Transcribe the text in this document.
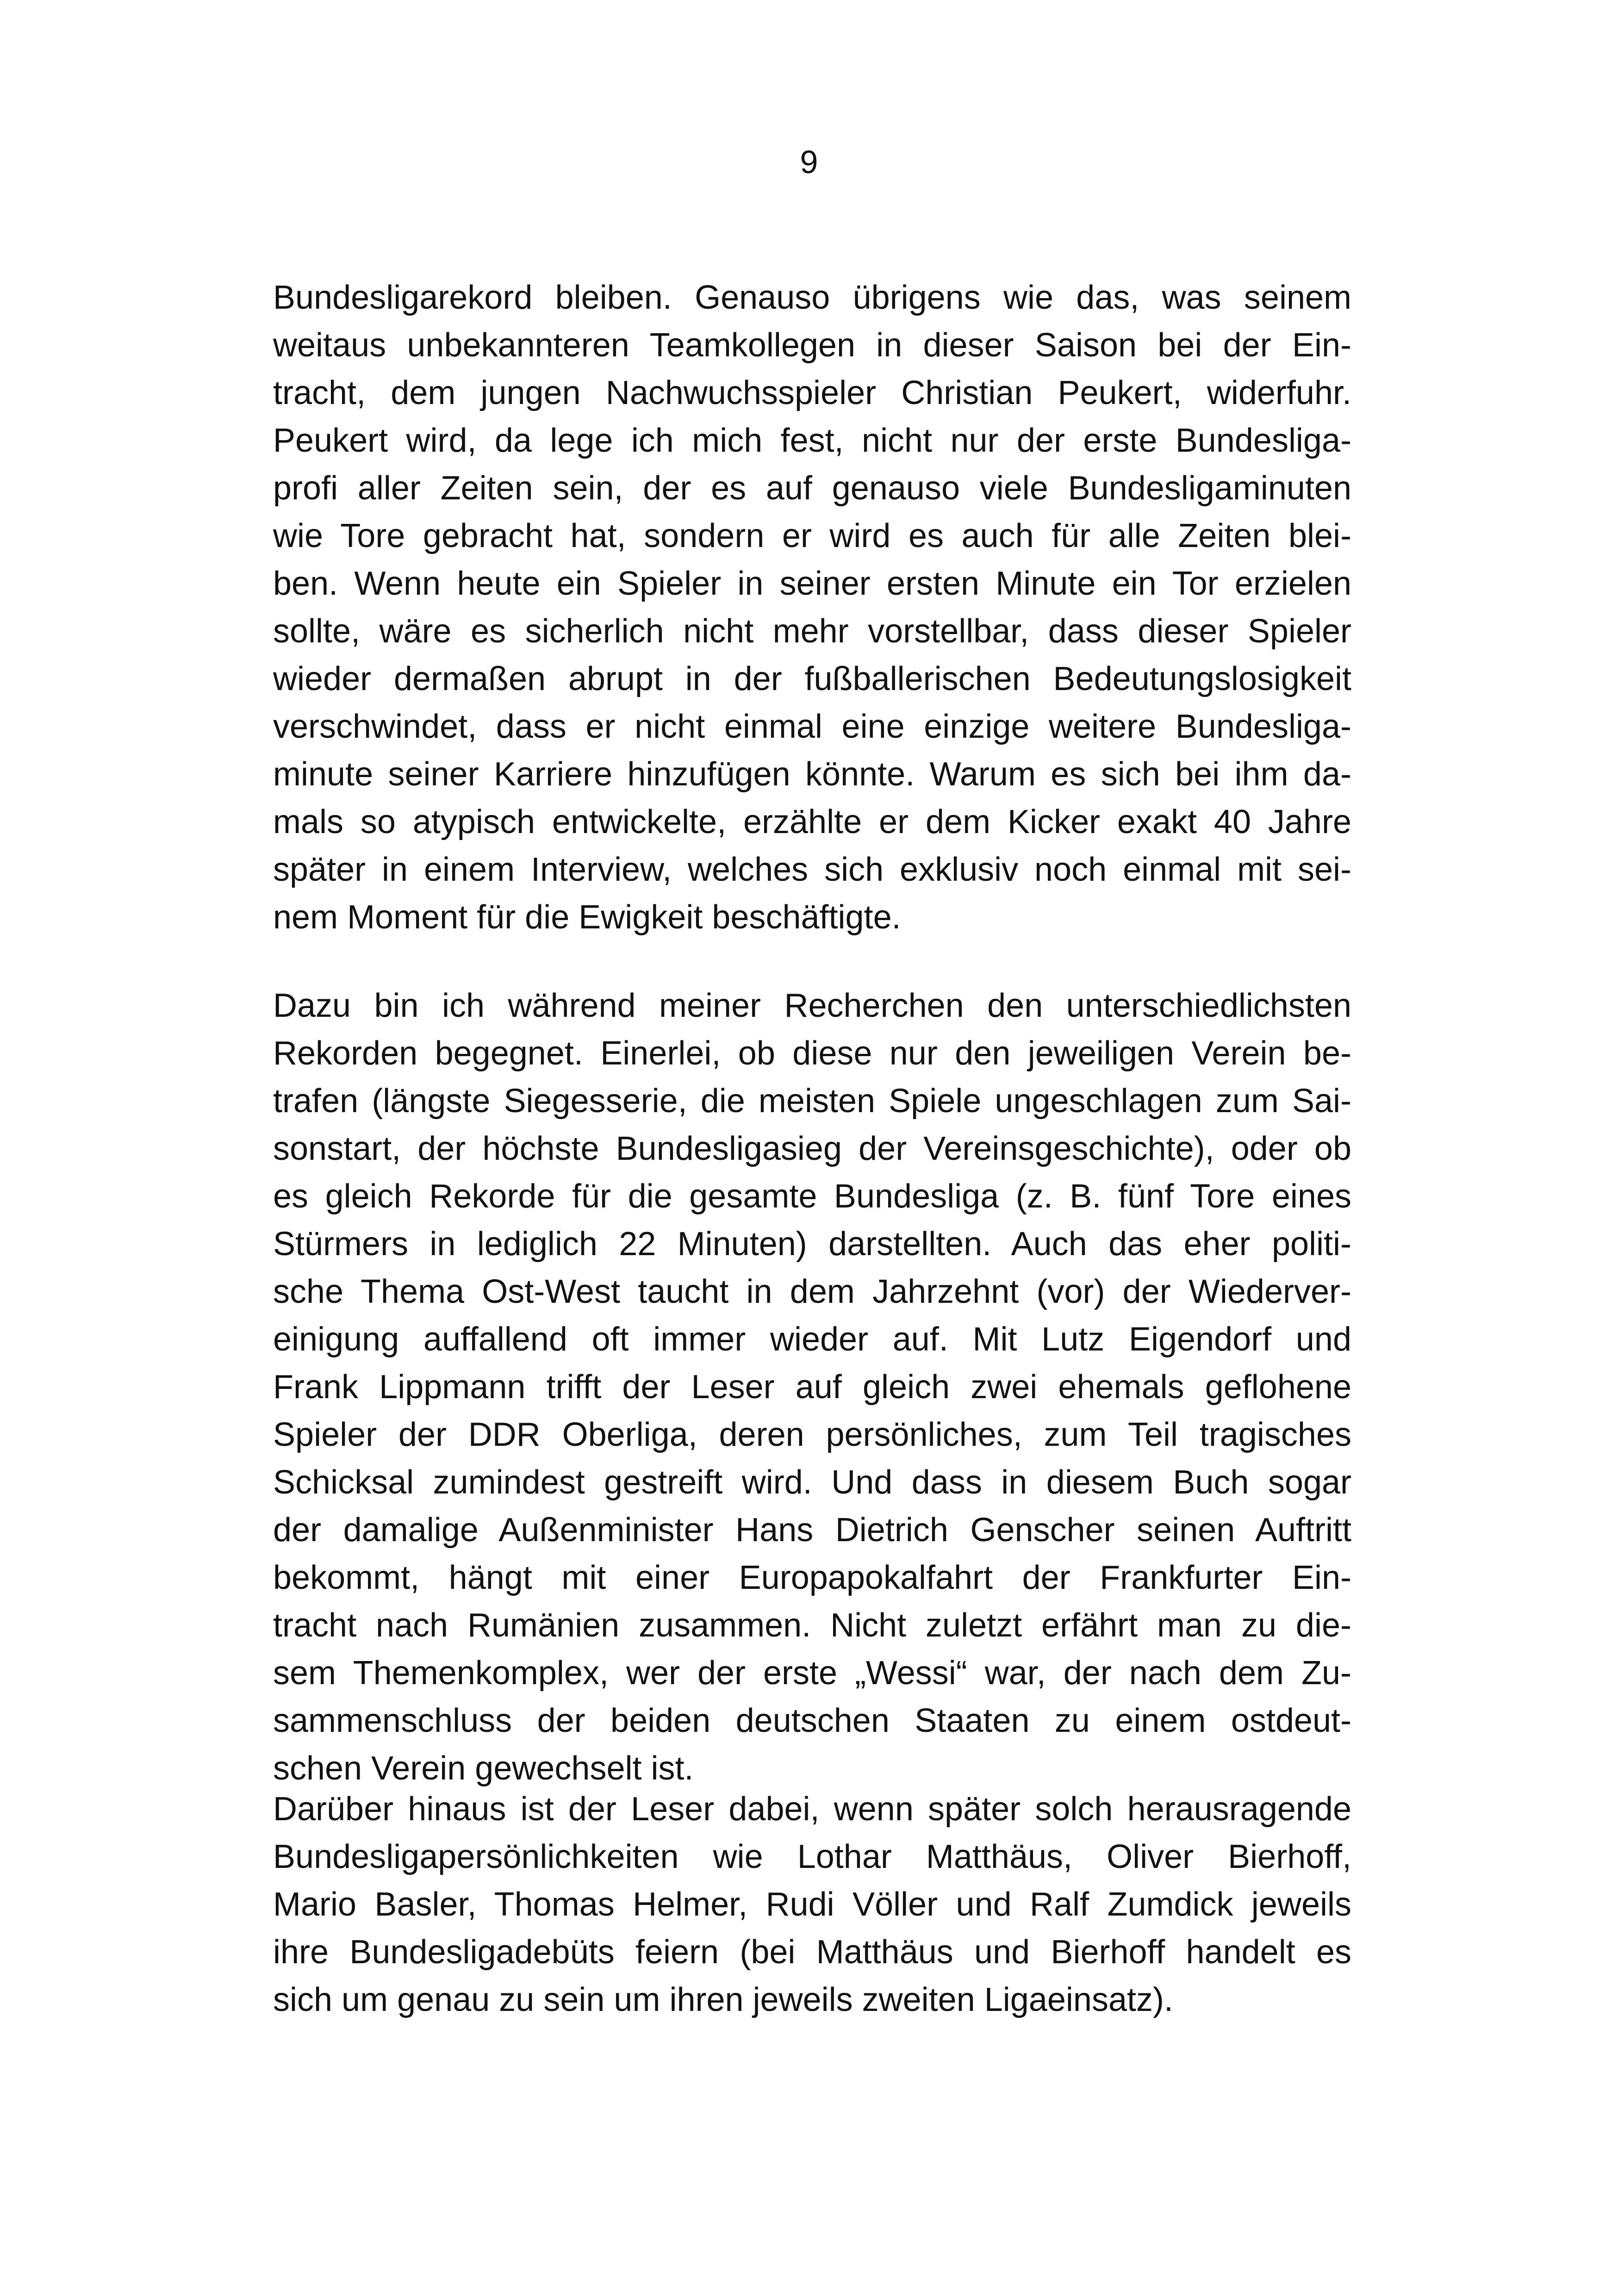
9
Bundesligarekord bleiben. Genauso übrigens wie das, was seinem
weitaus unbekannteren Teamkollegen in dieser Saison bei der Ein-
tracht, dem jungen Nachwuchsspieler Christian Peukert, widerfuhr.
Peukert wird, da lege ich mich fest, nicht nur der erste Bundesliga-
profi aller Zeiten sein, der es auf genauso viele Bundesligaminuten
wie Tore gebracht hat, sondern er wird es auch für alle Zeiten blei-
ben. Wenn heute ein Spieler in seiner ersten Minute ein Tor erzielen
sollte, wäre es sicherlich nicht mehr vorstellbar, dass dieser Spieler
wieder dermaßen abrupt in der fußballerischen Bedeutungslosigkeit
verschwindet, dass er nicht einmal eine einzige weitere Bundesliga-
minute seiner Karriere hinzufügen könnte. Warum es sich bei ihm da-
mals so atypisch entwickelte, erzählte er dem Kicker exakt 40 Jahre
später in einem Interview, welches sich exklusiv noch einmal mit sei-
nem Moment für die Ewigkeit beschäftigte.
Dazu bin ich während meiner Recherchen den unterschiedlichsten
Rekorden begegnet. Einerlei, ob diese nur den jeweiligen Verein be-
trafen (längste Siegesserie, die meisten Spiele ungeschlagen zum Sai-
sonstart, der höchste Bundesligasieg der Vereinsgeschichte), oder ob
es gleich Rekorde für die gesamte Bundesliga (z. B. fünf Tore eines
Stürmers in lediglich 22 Minuten) darstellten. Auch das eher politi-
sche Thema Ost-West taucht in dem Jahrzehnt (vor) der Wiederver-
einigung auffallend oft immer wieder auf. Mit Lutz Eigendorf und
Frank Lippmann trifft der Leser auf gleich zwei ehemals geflohene
Spieler der DDR Oberliga, deren persönliches, zum Teil tragisches
Schicksal zumindest gestreift wird. Und dass in diesem Buch sogar
der damalige Außenminister Hans Dietrich Genscher seinen Auftritt
bekommt, hängt mit einer Europapokalfahrt der Frankfurter Ein-
tracht nach Rumänien zusammen. Nicht zuletzt erfährt man zu die-
sem Themenkomplex, wer der erste „Wessi“ war, der nach dem Zu-
sammenschluss der beiden deutschen Staaten zu einem ostdeut-
schen Verein gewechselt ist.
Darüber hinaus ist der Leser dabei, wenn später solch herausragende
Bundesligapersönlichkeiten wie Lothar Matthäus, Oliver Bierhoff,
Mario Basler, Thomas Helmer, Rudi Völler und Ralf Zumdick jeweils
ihre Bundesligadebüts feiern (bei Matthäus und Bierhoff handelt es
sich um genau zu sein um ihren jeweils zweiten Ligaeinsatz).
